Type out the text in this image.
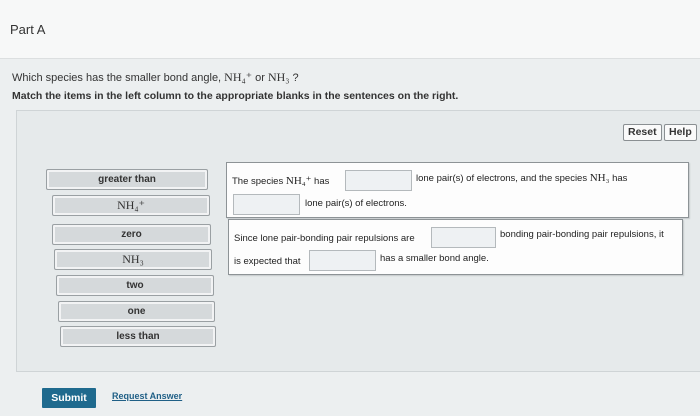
Part A
Which species has the smaller bond angle, NH₄⁺ or NH₃ ?
Match the items in the left column to the appropriate blanks in the sentences on the right.
Reset	Help
greater than
NH₄⁺
zero
NH₃
two
one
less than
The species NH₄⁺ has	lone pair(s) of electrons, and the species NH₃ has
lone pair(s) of electrons.
Since lone pair-bonding pair repulsions are	bonding pair-bonding pair repulsions, it
is expected that	has a smaller bond angle.
Submit	Request Answer
